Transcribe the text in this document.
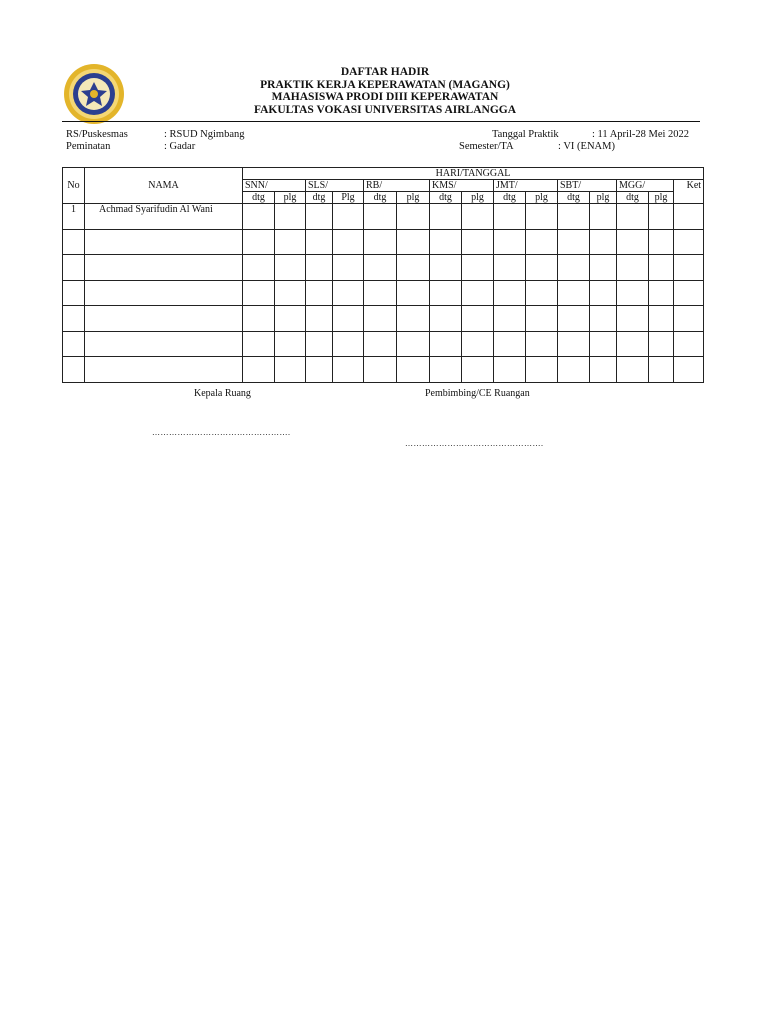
DAFTAR HADIR
PRAKTIK KERJA KEPERAWATAN (MAGANG)
MAHASISWA PRODI DIII KEPERAWATAN
FAKULTAS VOKASI UNIVERSITAS AIRLANGGA
RS/Puskesmas	: RSUD Ngimbang
Peminatan	: Gadar
Tanggal Praktik	: 11 April-28 Mei 2022
Semester/TA	: VI (ENAM)
No	NAMA	HARI/TANGGAL														
		SNN/		SLS/		RB/		KMS/		JMT/		SBT/		MGG/		Ket
		dtg	plg	dtg	Plg	dtg	plg	dtg	plg	dtg	plg	dtg	plg	dtg	plg	
1	Achmad Syarifudin Al Wani															

Kepala Ruang	Pembimbing/CE Ruangan
………………………………………….
………………………………………….
